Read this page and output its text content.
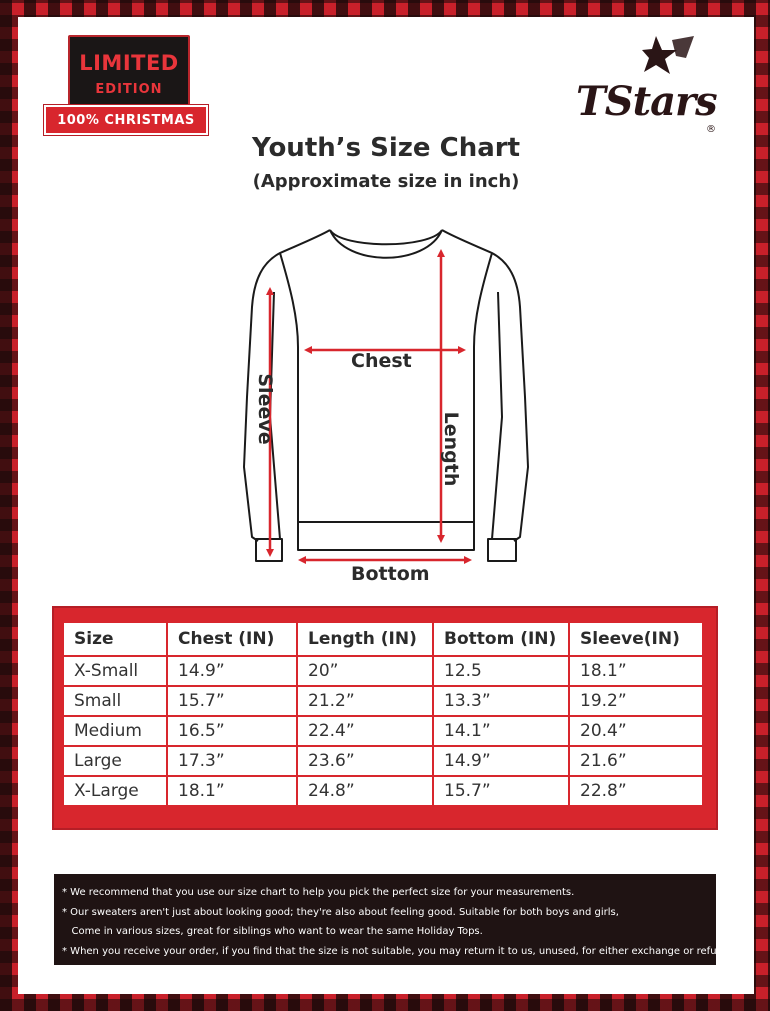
LIMITED
EDITION
100% CHRISTMAS	TStars
®
Youth’s Size Chart
(Approximate size in inch)
Chest
Length
Sleeve
Bottom
Size	Chest (IN)	Length (IN)	Bottom (IN)	Sleeve(IN)
X-Small	14.9”	20”	12.5	18.1”
Small	15.7”	21.2”	13.3”	19.2”
Medium	16.5”	22.4”	14.1”	20.4”
Large	17.3”	23.6”	14.9”	21.6”
X-Large	18.1”	24.8”	15.7”	22.8”
* We recommend that you use our size chart to help you pick the perfect size for your measurements.
* Our sweaters aren't just about looking good; they're also about feeling good. Suitable for both boys and girls,
Come in various sizes, great for siblings who want to wear the same Holiday Tops.
* When you receive your order, if you find that the size is not suitable, you may return it to us, unused, for either exchange or refund.
